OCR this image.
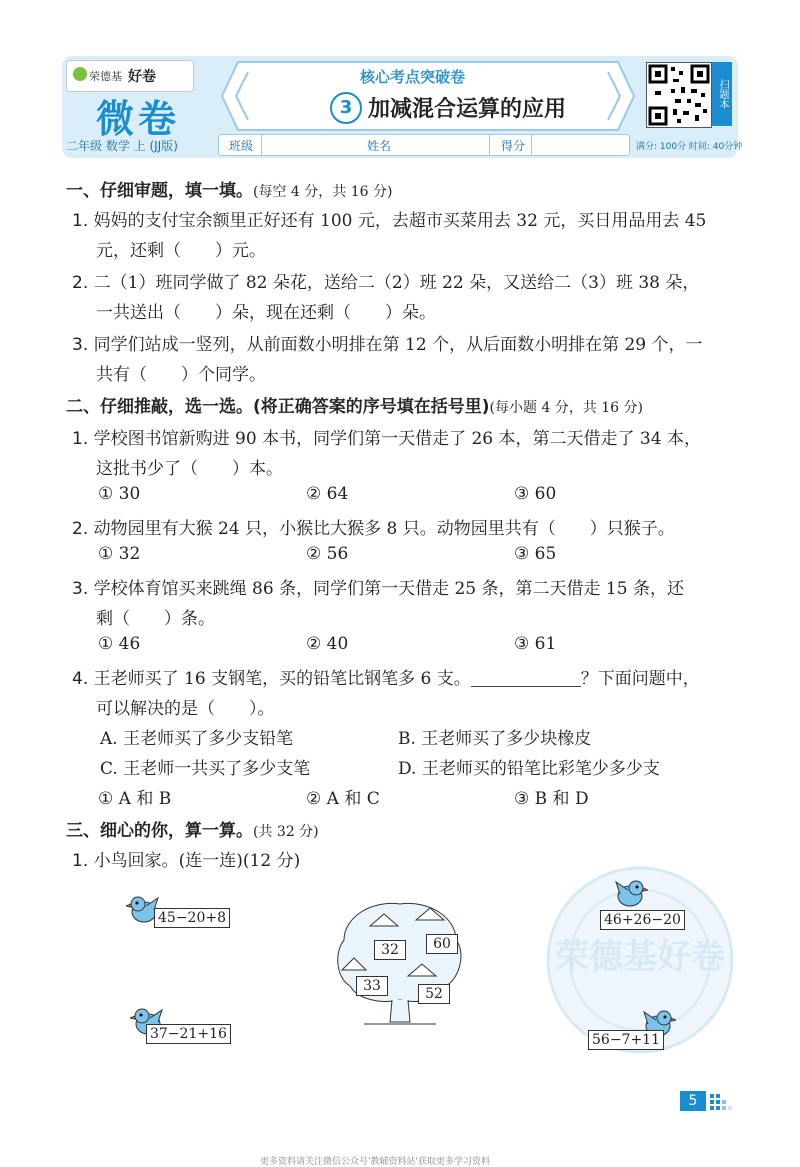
荣德基 好卷
微卷
二年级 数学 上 (JJ版)
核心考点突破卷
3 加减混合运算的应用
班级	姓名	得分	满分: 100分 时间: 40分钟
扫题本
一、仔细审题，填一填。(每空 4 分，共 16 分)
1. 妈妈的支付宝余额里正好还有 100 元，去超市买菜用去 32 元，买日用品用去 45
元，还剩（　　）元。
2. 二（1）班同学做了 82 朵花，送给二（2）班 22 朵，又送给二（3）班 38 朵，
一共送出（　　）朵，现在还剩（　　）朵。
3. 同学们站成一竖列，从前面数小明排在第 12 个，从后面数小明排在第 29 个，一
共有（　　）个同学。
二、仔细推敲，选一选。(将正确答案的序号填在括号里)(每小题 4 分，共 16 分)
1. 学校图书馆新购进 90 本书，同学们第一天借走了 26 本，第二天借走了 34 本，
这批书少了（　　）本。
① 30	② 64	③ 60
2. 动物园里有大猴 24 只，小猴比大猴多 8 只。动物园里共有（　　）只猴子。
① 32	② 56	③ 65
3. 学校体育馆买来跳绳 86 条，同学们第一天借走 25 条，第二天借走 15 条，还
剩（　　）条。
① 46	② 40	③ 61
4. 王老师买了 16 支钢笔，买的铅笔比钢笔多 6 支。	？下面问题中，
可以解决的是（　　）。
A. 王老师买了多少支铅笔	B. 王老师买了多少块橡皮
C. 王老师一共买了多少支笔	D. 王老师买的铅笔比彩笔少多少支
① A 和 B	② A 和 C	③ B 和 D
三、细心的你，算一算。(共 32 分)
1. 小鸟回家。(连一连)(12 分)
荣德基好卷
45−20+8
37−21+16
46+26−20
56−7+11
32	60
33	52
5
更多资料请关注微信公众号'教辅资料站'获取更多学习资料
